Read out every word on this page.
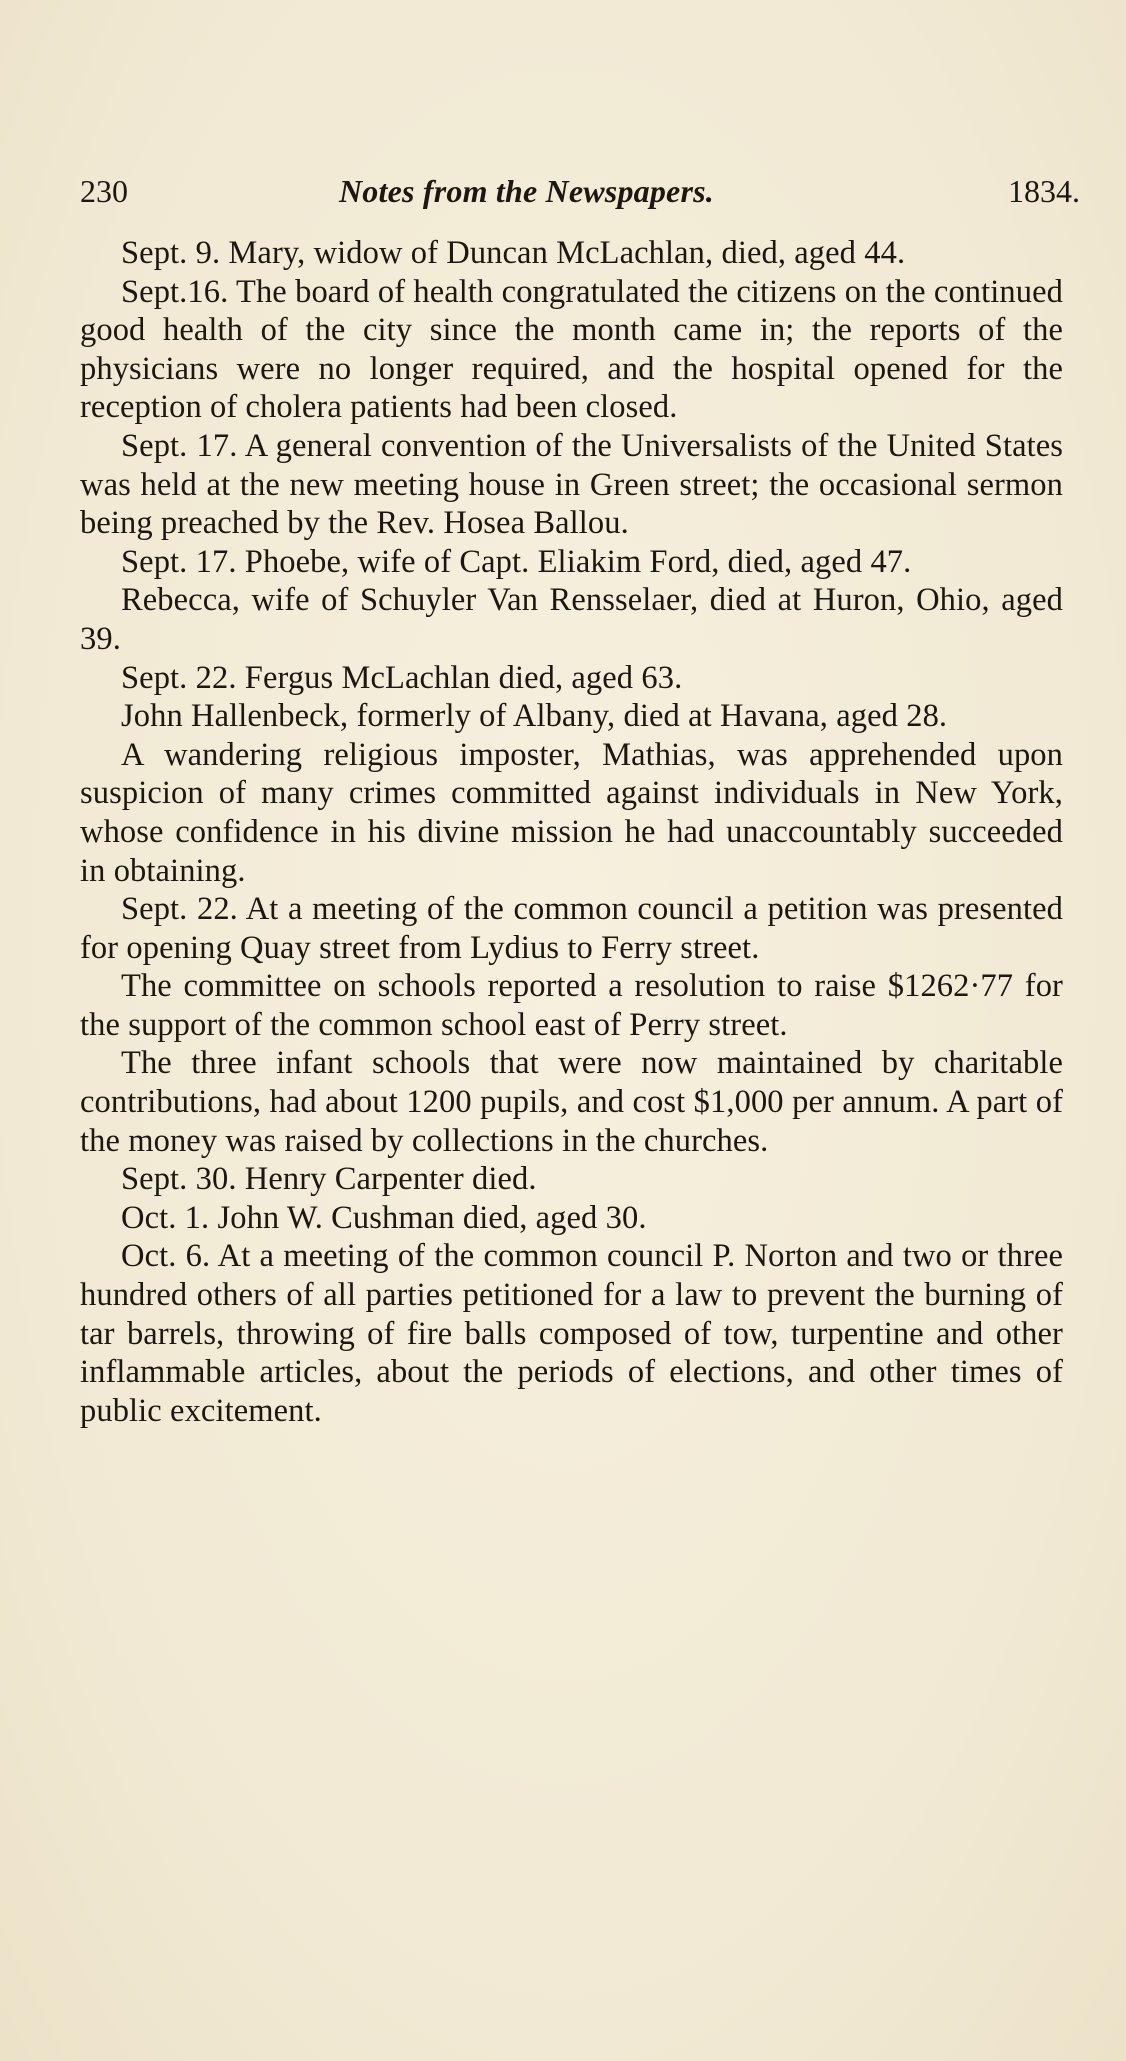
230	Notes from the Newspapers.	1834.

Sept. 9. Mary, widow of Duncan McLachlan, died, aged 44.

Sept.16. The board of health congratulated the citizens on the continued good health of the city since the month came in; the reports of the physicians were no longer required, and the hospital opened for the reception of cholera patients had been closed.

Sept. 17. A general convention of the Universalists of the United States was held at the new meeting house in Green street; the occasional sermon being preached by the Rev. Hosea Ballou.

Sept. 17. Phoebe, wife of Capt. Eliakim Ford, died, aged 47.

Rebecca, wife of Schuyler Van Rensselaer, died at Huron, Ohio, aged 39.

Sept. 22. Fergus McLachlan died, aged 63.

John Hallenbeck, formerly of Albany, died at Havana, aged 28.

A wandering religious imposter, Mathias, was apprehended upon suspicion of many crimes committed against individuals in New York, whose confidence in his divine mission he had unaccountably succeeded in obtaining.

Sept. 22. At a meeting of the common council a petition was presented for opening Quay street from Lydius to Ferry street.

The committee on schools reported a resolution to raise $1262·77 for the support of the common school east of Perry street.

The three infant schools that were now maintained by charitable contributions, had about 1200 pupils, and cost $1,000 per annum. A part of the money was raised by collections in the churches.

Sept. 30. Henry Carpenter died.

Oct. 1. John W. Cushman died, aged 30.

Oct. 6. At a meeting of the common council P. Norton and two or three hundred others of all parties petitioned for a law to prevent the burning of tar barrels, throwing of fire balls composed of tow, turpentine and other inflammable articles, about the periods of elections, and other times of public excitement.
